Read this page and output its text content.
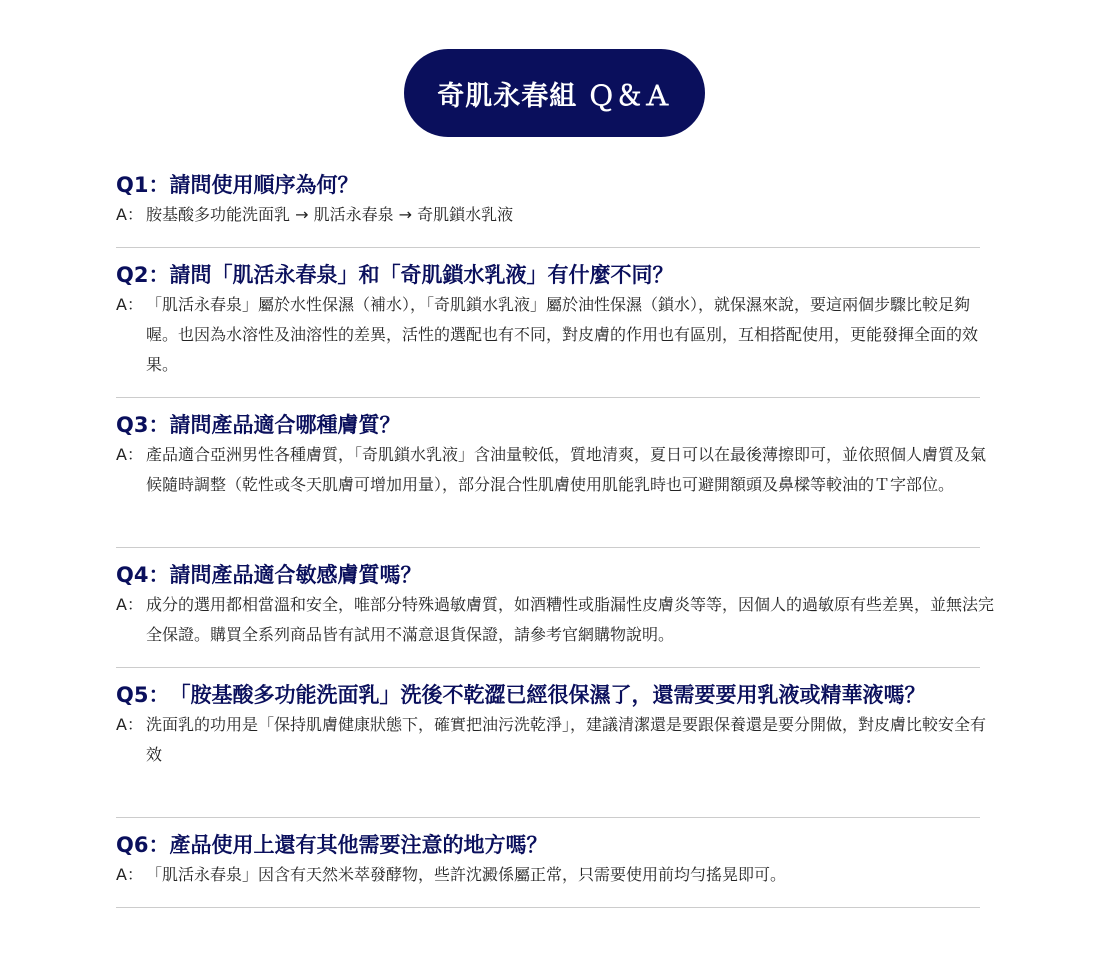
奇肌永春組 Ｑ＆Ａ
Q1： 請問使用順序為何？
A： 胺基酸多功能洗面乳 → 肌活永春泉 → 奇肌鎖水乳液
Q2： 請問「肌活永春泉」和「奇肌鎖水乳液」有什麼不同？
A： 「肌活永春泉」屬於水性保濕（補水），「奇肌鎖水乳液」屬於油性保濕（鎖水），就保濕來說，要這兩個步驟比較足夠喔。也因為水溶性及油溶性的差異，活性的選配也有不同，對皮膚的作用也有區別，互相搭配使用，更能發揮全面的效果。
Q3： 請問產品適合哪種膚質？
A： 產品適合亞洲男性各種膚質，「奇肌鎖水乳液」含油量較低，質地清爽，夏日可以在最後薄擦即可，並依照個人膚質及氣候隨時調整（乾性或冬天肌膚可增加用量），部分混合性肌膚使用肌能乳時也可避開額頭及鼻樑等較油的Ｔ字部位。
Q4： 請問產品適合敏感膚質嗎？
A： 成分的選用都相當溫和安全，唯部分特殊過敏膚質，如酒糟性或脂漏性皮膚炎等等，因個人的過敏原有些差異，並無法完全保證。購買全系列商品皆有試用不滿意退貨保證，請參考官網購物說明。
Q5： 「胺基酸多功能洗面乳」洗後不乾澀已經很保濕了，還需要要用乳液或精華液嗎？
A： 洗面乳的功用是「保持肌膚健康狀態下，確實把油污洗乾淨」，建議清潔還是要跟保養還是要分開做，對皮膚比較安全有效
Q6： 產品使用上還有其他需要注意的地方嗎？
A： 「肌活永春泉」因含有天然米萃發酵物，些許沈澱係屬正常，只需要使用前均勻搖晃即可。
